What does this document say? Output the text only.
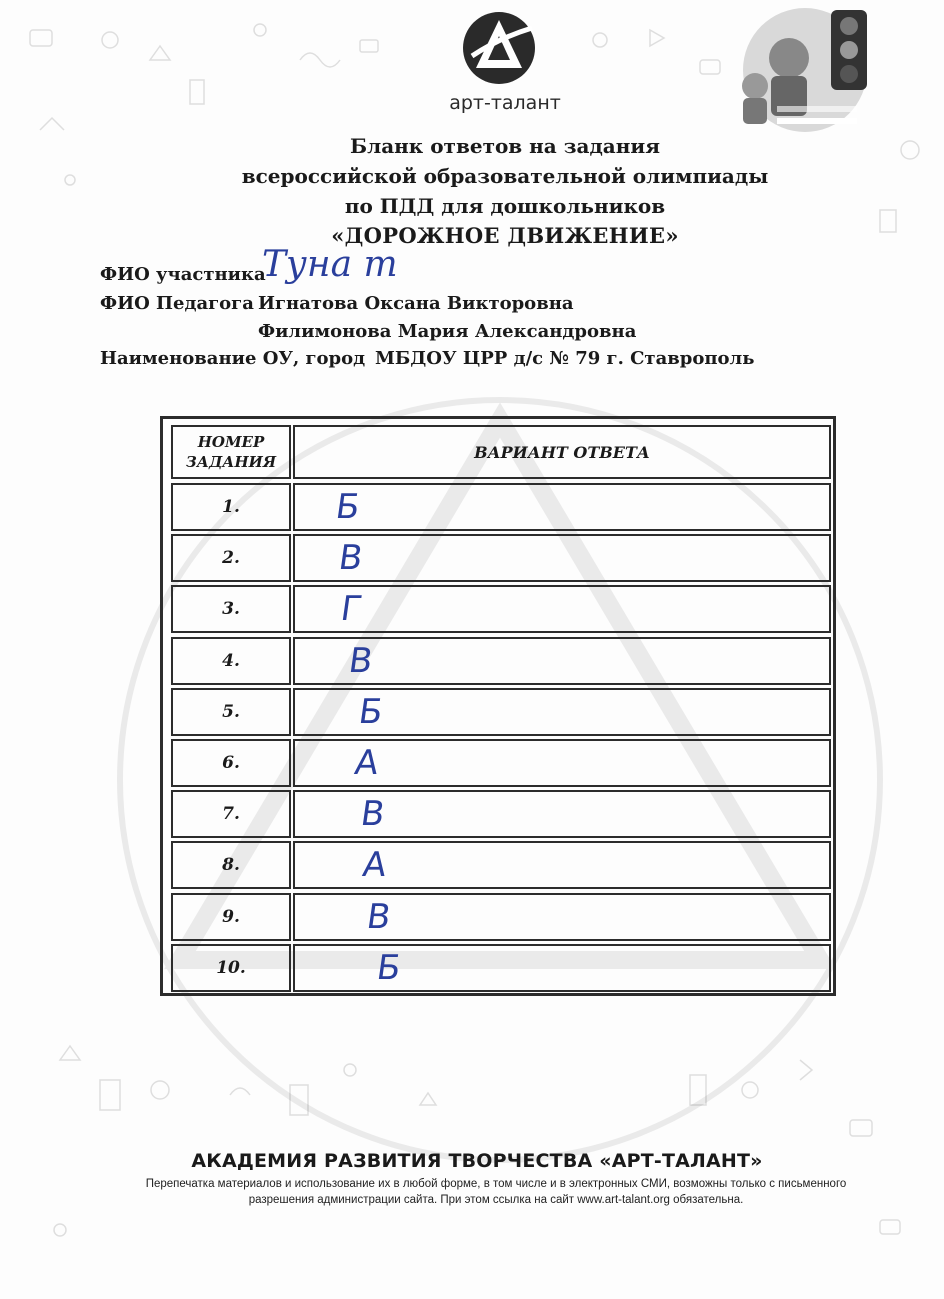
арт-талант
Бланк ответов на задания
всероссийской образовательной олимпиады
по ПДД для дошкольников
«ДОРОЖНОЕ ДВИЖЕНИЕ»
ФИО участника
Туна т
ФИО Педагога Игнатова Оксана Викторовна
Филимонова Мария Александровна
Наименование ОУ, город МБДОУ ЦРР д/с № 79 г. Ставрополь
НОМЕР
ЗАДАНИЯ
ВАРИАНТ ОТВЕТА
1.	Б
2.	В
3.	Г
4.	В
5.	Б
6.	А
7.	В
8.	А
9.	В
10.	Б
АКАДЕМИЯ РАЗВИТИЯ ТВОРЧЕСТВА «АРТ-ТАЛАНТ»
Перепечатка материалов и использование их в любой форме, в том числе и в электронных СМИ, возможны только с письменного
разрешения администрации сайта. При этом ссылка на сайт www.art-talant.org обязательна.
